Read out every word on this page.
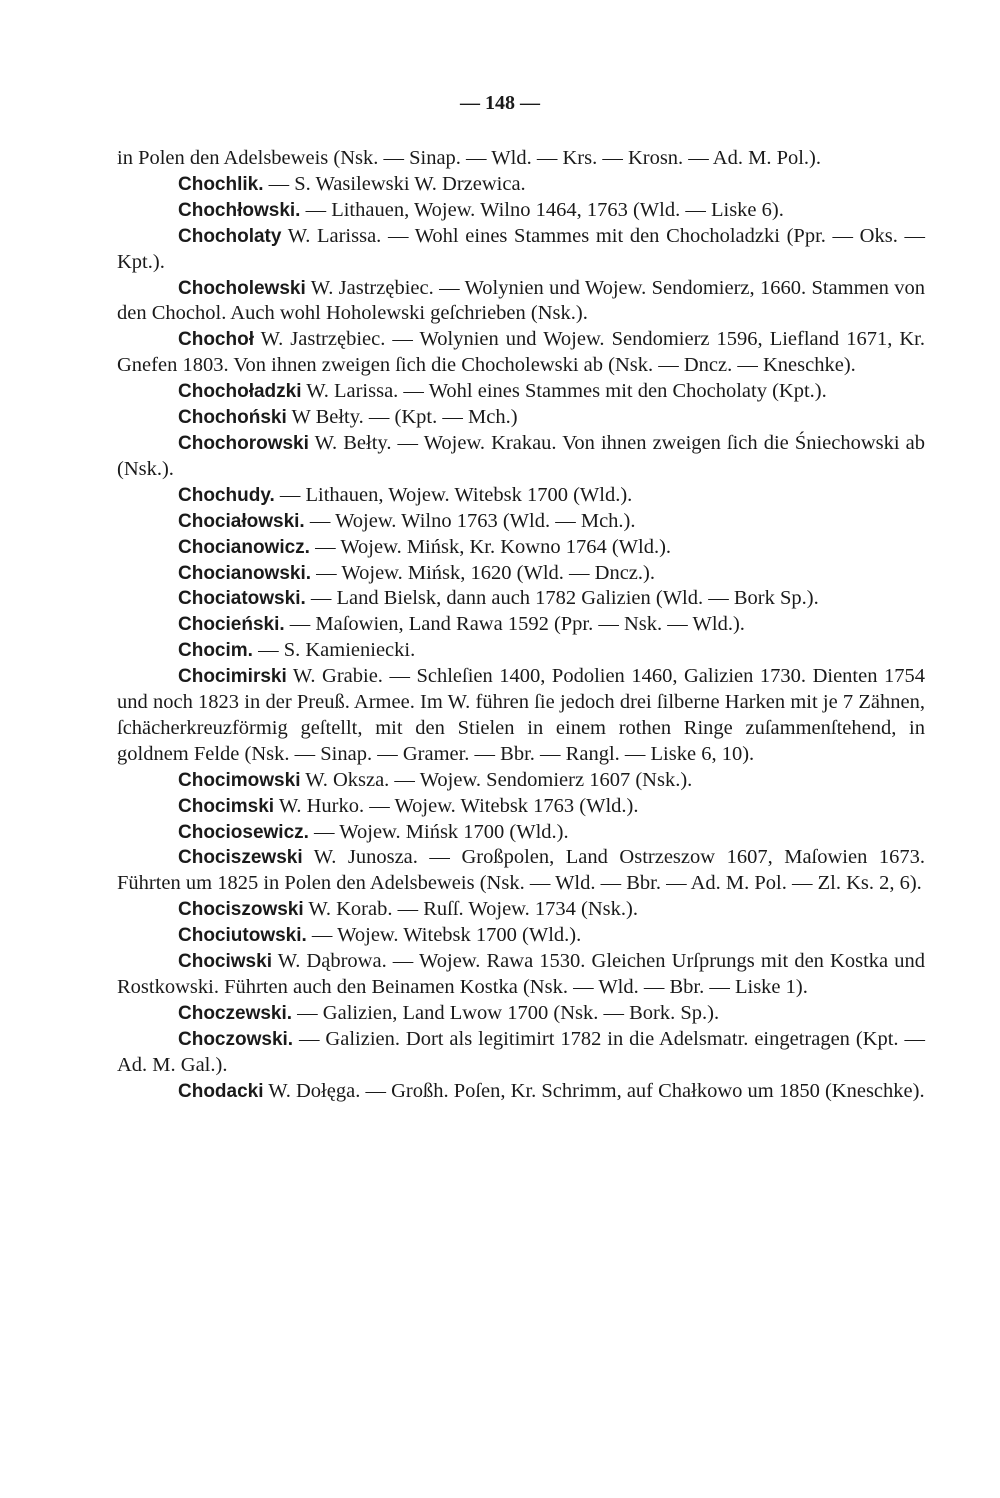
— 148 —

in Polen den Adelsbeweis (Nsk. — Sinap. — Wld. — Krs. — Krosn. — Ad. M. Pol.).

Chochlik. — S. Wasilewski W. Drzewica.

Chochłowski. — Lithauen, Wojew. Wilno 1464, 1763 (Wld. — Liske 6).

Chocholaty W. Larissa. — Wohl eines Stammes mit den Chocholadzki (Ppr. — Oks. — Kpt.).

Chocholewski W. Jastrzębiec. — Wolynien und Wojew. Sendomierz, 1660. Stammen von den Chochol. Auch wohl Hoholewski geſchrieben (Nsk.).

Chochoł W. Jastrzębiec. — Wolynien und Wojew. Sendomierz 1596, Liefland 1671, Kr. Gnefen 1803. Von ihnen zweigen ſich die Chocholewski ab (Nsk. — Dncz. — Kneschke).

Chochoładzki W. Larissa. — Wohl eines Stammes mit den Chocholaty (Kpt.).

Chochoński W Bełty. — (Kpt. — Mch.)

Chochorowski W. Bełty. — Wojew. Krakau. Von ihnen zweigen ſich die Śniechowski ab (Nsk.).

Chochudy. — Lithauen, Wojew. Witebsk 1700 (Wld.).

Chociałowski. — Wojew. Wilno 1763 (Wld. — Mch.).

Chocianowicz. — Wojew. Mińsk, Kr. Kowno 1764 (Wld.).

Chocianowski. — Wojew. Mińsk, 1620 (Wld. — Dncz.).

Chociatowski. — Land Bielsk, dann auch 1782 Galizien (Wld. — Bork Sp.).

Chocieński. — Maſowien, Land Rawa 1592 (Ppr. — Nsk. — Wld.).

Chocim. — S. Kamieniecki.

Chocimirski W. Grabie. — Schleſien 1400, Podolien 1460, Galizien 1730. Dienten 1754 und noch 1823 in der Preuß. Armee. Im W. führen ſie jedoch drei ſilberne Harken mit je 7 Zähnen, ſchächerkreuzförmig geſtellt, mit den Stielen in einem rothen Ringe zuſammenſtehend, in goldnem Felde (Nsk. — Sinap. — Gramer. — Bbr. — Rangl. — Liske 6, 10).

Chocimowski W. Oksza. — Wojew. Sendomierz 1607 (Nsk.).

Chocimski W. Hurko. — Wojew. Witebsk 1763 (Wld.).

Chociosewicz. — Wojew. Mińsk 1700 (Wld.).

Chociszewski W. Junosza. — Großpolen, Land Ostrzeszow 1607, Maſowien 1673. Führten um 1825 in Polen den Adelsbeweis (Nsk. — Wld. — Bbr. — Ad. M. Pol. — Zl. Ks. 2, 6).

Chociszowski W. Korab. — Ruſſ. Wojew. 1734 (Nsk.).

Chociutowski. — Wojew. Witebsk 1700 (Wld.).

Chociwski W. Dąbrowa. — Wojew. Rawa 1530. Gleichen Urſprungs mit den Kostka und Rostkowski. Führten auch den Beinamen Kostka (Nsk. — Wld. — Bbr. — Liske 1).

Choczewski. — Galizien, Land Lwow 1700 (Nsk. — Bork. Sp.).

Choczowski. — Galizien. Dort als legitimirt 1782 in die Adelsmatr. eingetragen (Kpt. — Ad. M. Gal.).

Chodacki W. Dołęga. — Großh. Poſen, Kr. Schrimm, auf Chałkowo um 1850 (Kneschke).
